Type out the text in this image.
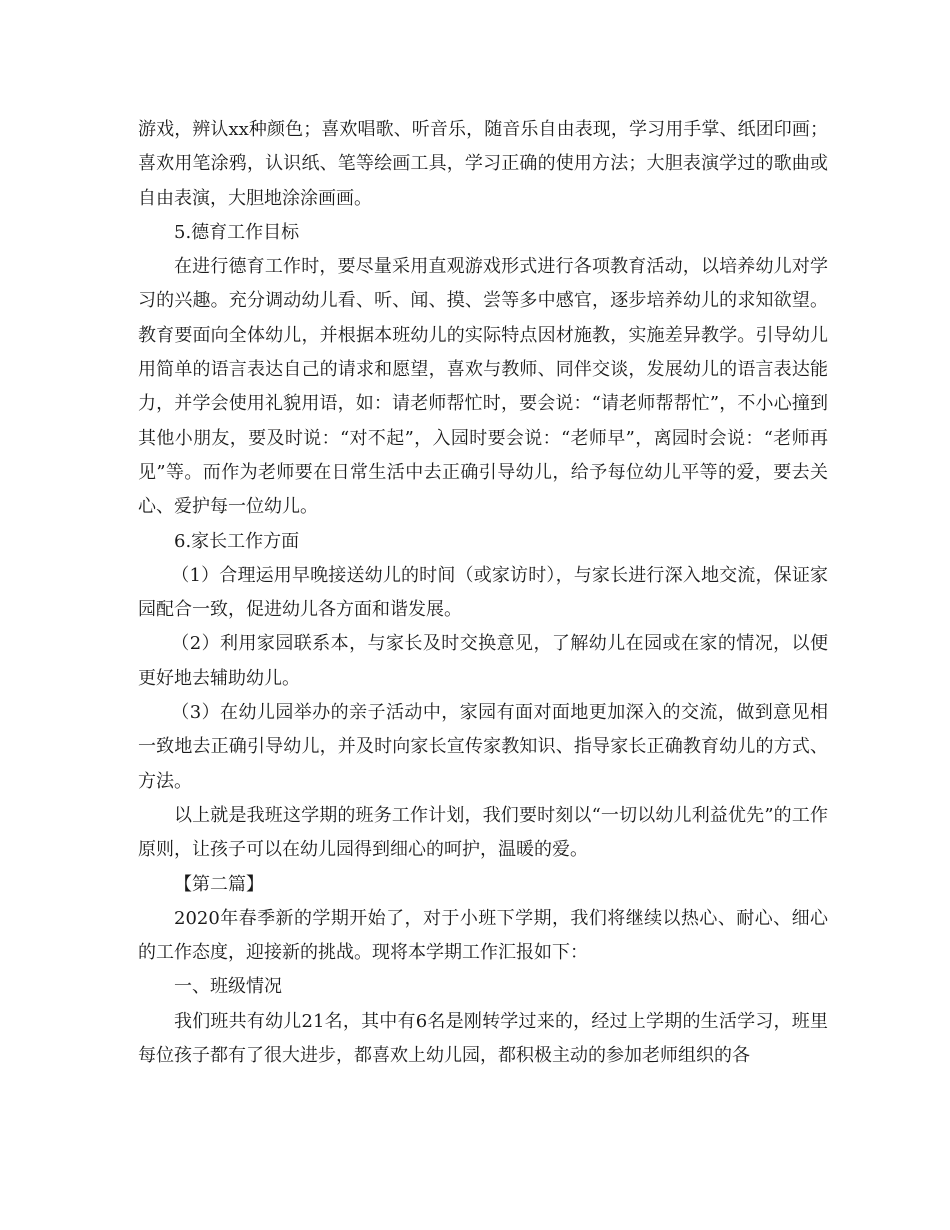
游戏，辨认xx种颜色；喜欢唱歌、听音乐，随音乐自由表现，学习用手掌、纸团印画；喜欢用笔涂鸦，认识纸、笔等绘画工具，学习正确的使用方法；大胆表演学过的歌曲或自由表演，大胆地涂涂画画。

5.德育工作目标

在进行德育工作时，要尽量采用直观游戏形式进行各项教育活动，以培养幼儿对学习的兴趣。充分调动幼儿看、听、闻、摸、尝等多中感官，逐步培养幼儿的求知欲望。教育要面向全体幼儿，并根据本班幼儿的实际特点因材施教，实施差异教学。引导幼儿用简单的语言表达自己的请求和愿望，喜欢与教师、同伴交谈，发展幼儿的语言表达能力，并学会使用礼貌用语，如：请老师帮忙时，要会说：“请老师帮帮忙”，不小心撞到其他小朋友，要及时说：“对不起”，入园时要会说：“老师早”，离园时会说：“老师再见”等。而作为老师要在日常生活中去正确引导幼儿，给予每位幼儿平等的爱，要去关心、爱护每一位幼儿。

6.家长工作方面

（1）合理运用早晚接送幼儿的时间（或家访时），与家长进行深入地交流，保证家园配合一致，促进幼儿各方面和谐发展。

（2）利用家园联系本，与家长及时交换意见，了解幼儿在园或在家的情况，以便更好地去辅助幼儿。

（3）在幼儿园举办的亲子活动中，家园有面对面地更加深入的交流，做到意见相一致地去正确引导幼儿，并及时向家长宣传家教知识、指导家长正确教育幼儿的方式、方法。

以上就是我班这学期的班务工作计划，我们要时刻以“一切以幼儿利益优先”的工作原则，让孩子可以在幼儿园得到细心的呵护，温暖的爱。

【第二篇】

2020年春季新的学期开始了，对于小班下学期，我们将继续以热心、耐心、细心的工作态度，迎接新的挑战。现将本学期工作汇报如下：

一、班级情况

我们班共有幼儿21名，其中有6名是刚转学过来的，经过上学期的生活学习，班里每位孩子都有了很大进步，都喜欢上幼儿园，都积极主动的参加老师组织的各
